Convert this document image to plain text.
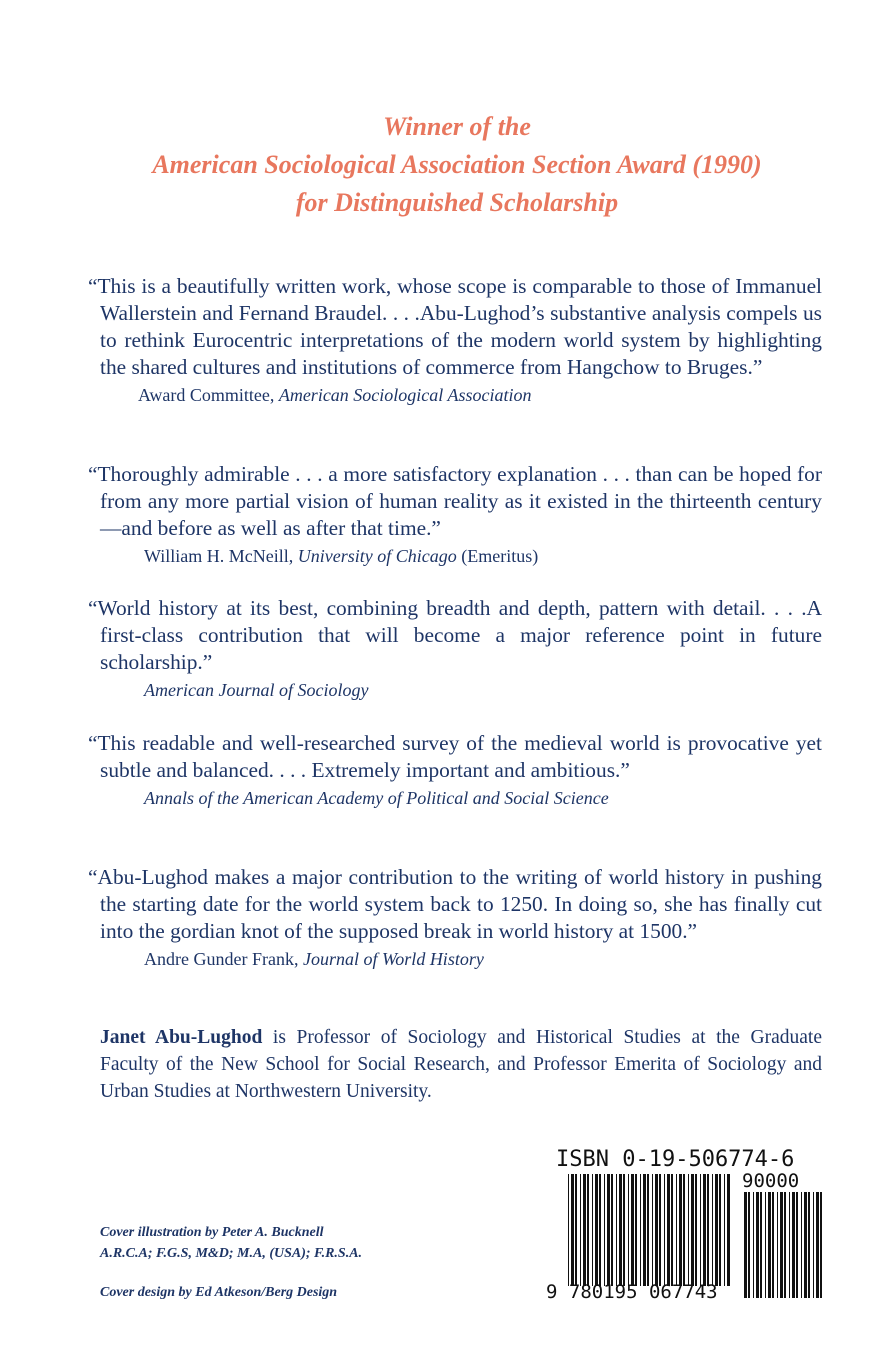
Winner of the
American Sociological Association Section Award (1990)
for Distinguished Scholarship
“This is a beautifully written work, whose scope is comparable to those of Immanuel Wallerstein and Fernand Braudel. . . .Abu-Lughod’s substantive analysis compels us to rethink Eurocentric interpretations of the modern world system by highlighting the shared cultures and institutions of commerce from Hangchow to Bruges.”
Award Committee, American Sociological Association
“Thoroughly admirable . . . a more satisfactory explanation . . . than can be hoped for from any more partial vision of human reality as it existed in the thirteenth century—and before as well as after that time.”
William H. McNeill, University of Chicago (Emeritus)
“World history at its best, combining breadth and depth, pattern with detail. . . .A first-class contribution that will become a major reference point in future scholarship.”
American Journal of Sociology
“This readable and well-researched survey of the medieval world is provocative yet subtle and balanced. . . . Extremely important and ambitious.”
Annals of the American Academy of Political and Social Science
“Abu-Lughod makes a major contribution to the writing of world history in pushing the starting date for the world system back to 1250. In doing so, she has finally cut into the gordian knot of the supposed break in world history at 1500.”
Andre Gunder Frank, Journal of World History
Janet Abu-Lughod is Professor of Sociology and Historical Studies at the Graduate Faculty of the New School for Social Research, and Professor Emerita of Sociology and Urban Studies at Northwestern University.
Cover illustration by Peter A. Bucknell
A.R.C.A; F.G.S, M&D; M.A, (USA); F.R.S.A.
Cover design by Ed Atkeson/Berg Design
ISBN 0-19-506774-6
90000
9 780195 067743
